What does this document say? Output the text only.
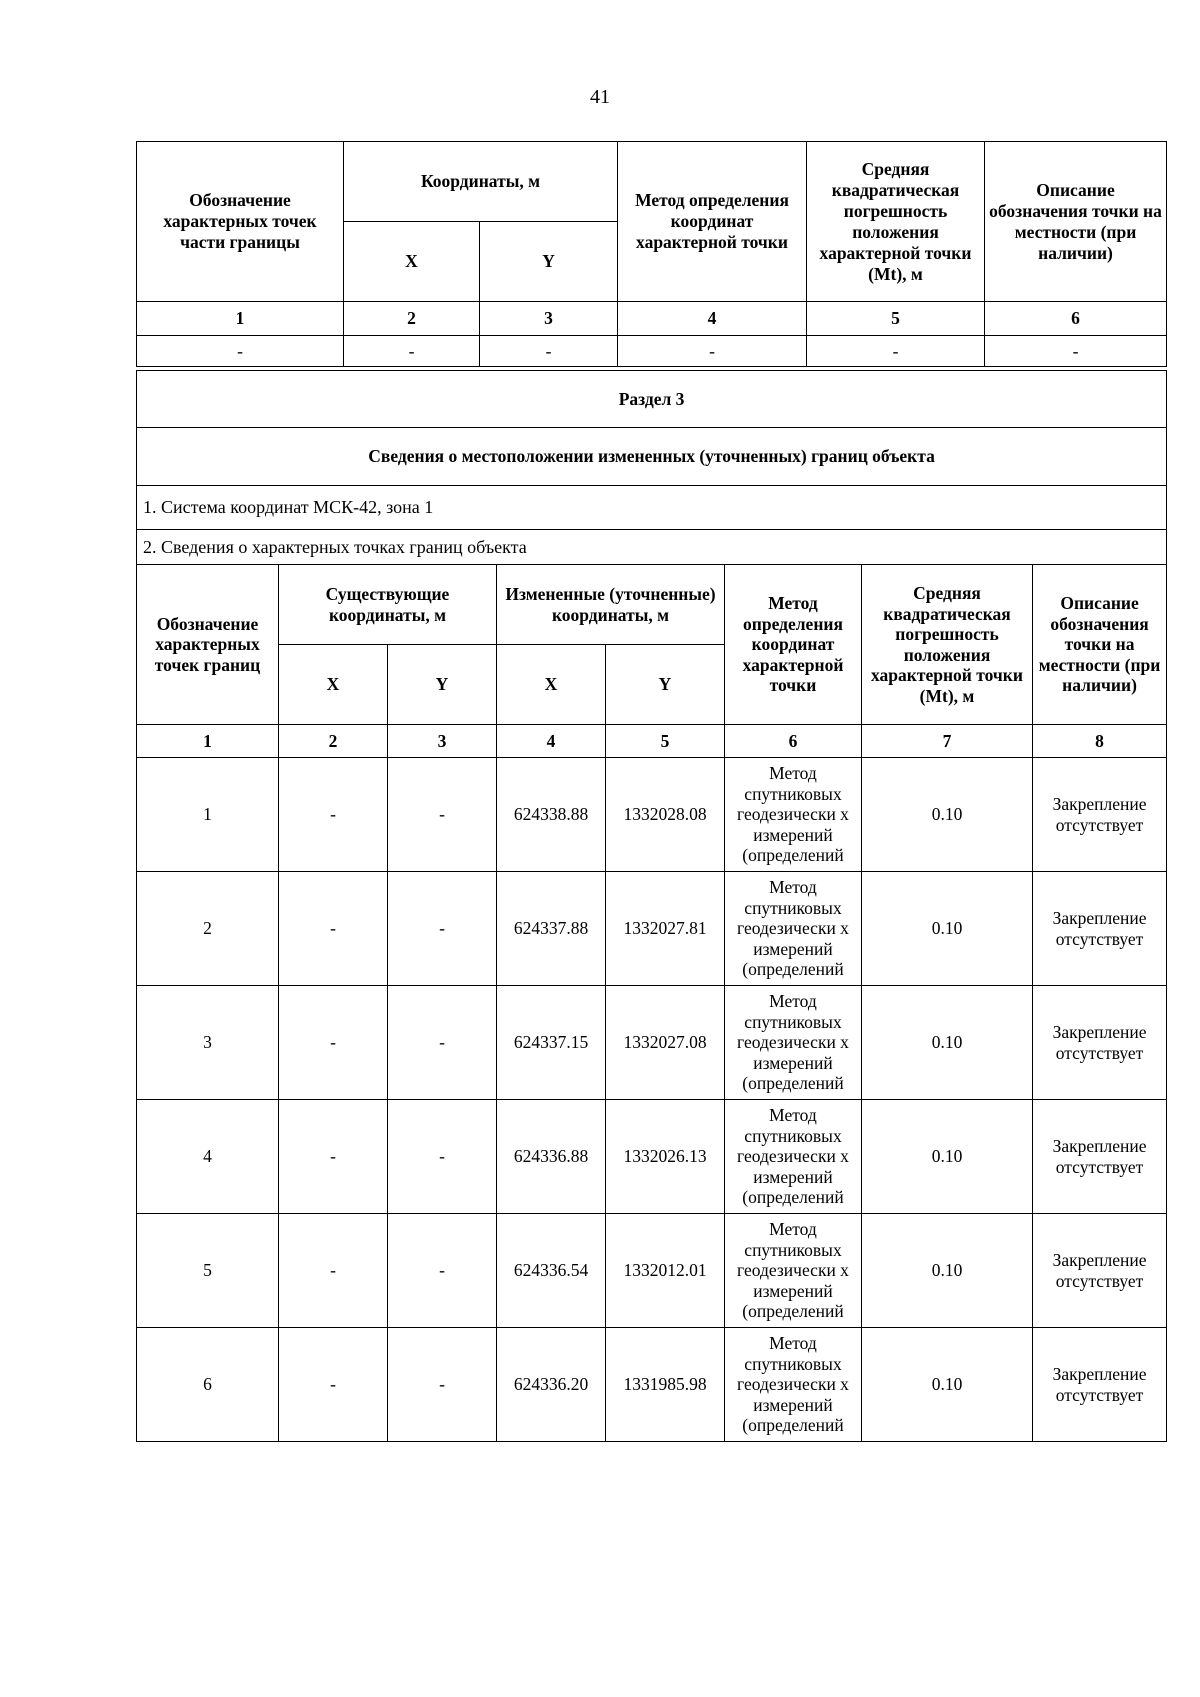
41
Обозначение характерных точек части границы	Координаты, м		Метод определения координат характерной точки	Средняя квадратическая погрешность положения характерной точки (Mt), м	Описание обозначения точки на местности (при наличии)
	X	Y			
1	2	3	4	5	6
-	-	-	-	-	-
Раздел 3							
Сведения о местоположении измененных (уточненных) границ объекта							
1. Система координат МСК-42, зона 1							
2. Сведения о характерных точках границ объекта							
Обозначение характерных точек границ	Существующие координаты, м		Измененные (уточненные) координаты, м		Метод определения координат характерной точки	Средняя квадратическая погрешность положения характерной точки (Mt), м	Описание обозначения точки на местности (при наличии)
	X	Y	X	Y			
1	2	3	4	5	6	7	8
1	-	-	624338.88	1332028.08	Метод спутниковых геодезически х измерений (определений	0.10	Закрепление отсутствует
2	-	-	624337.88	1332027.81	Метод спутниковых геодезически х измерений (определений	0.10	Закрепление отсутствует
3	-	-	624337.15	1332027.08	Метод спутниковых геодезически х измерений (определений	0.10	Закрепление отсутствует
4	-	-	624336.88	1332026.13	Метод спутниковых геодезически х измерений (определений	0.10	Закрепление отсутствует
5	-	-	624336.54	1332012.01	Метод спутниковых геодезически х измерений (определений	0.10	Закрепление отсутствует
6	-	-	624336.20	1331985.98	Метод спутниковых геодезически х измерений (определений	0.10	Закрепление отсутствует
